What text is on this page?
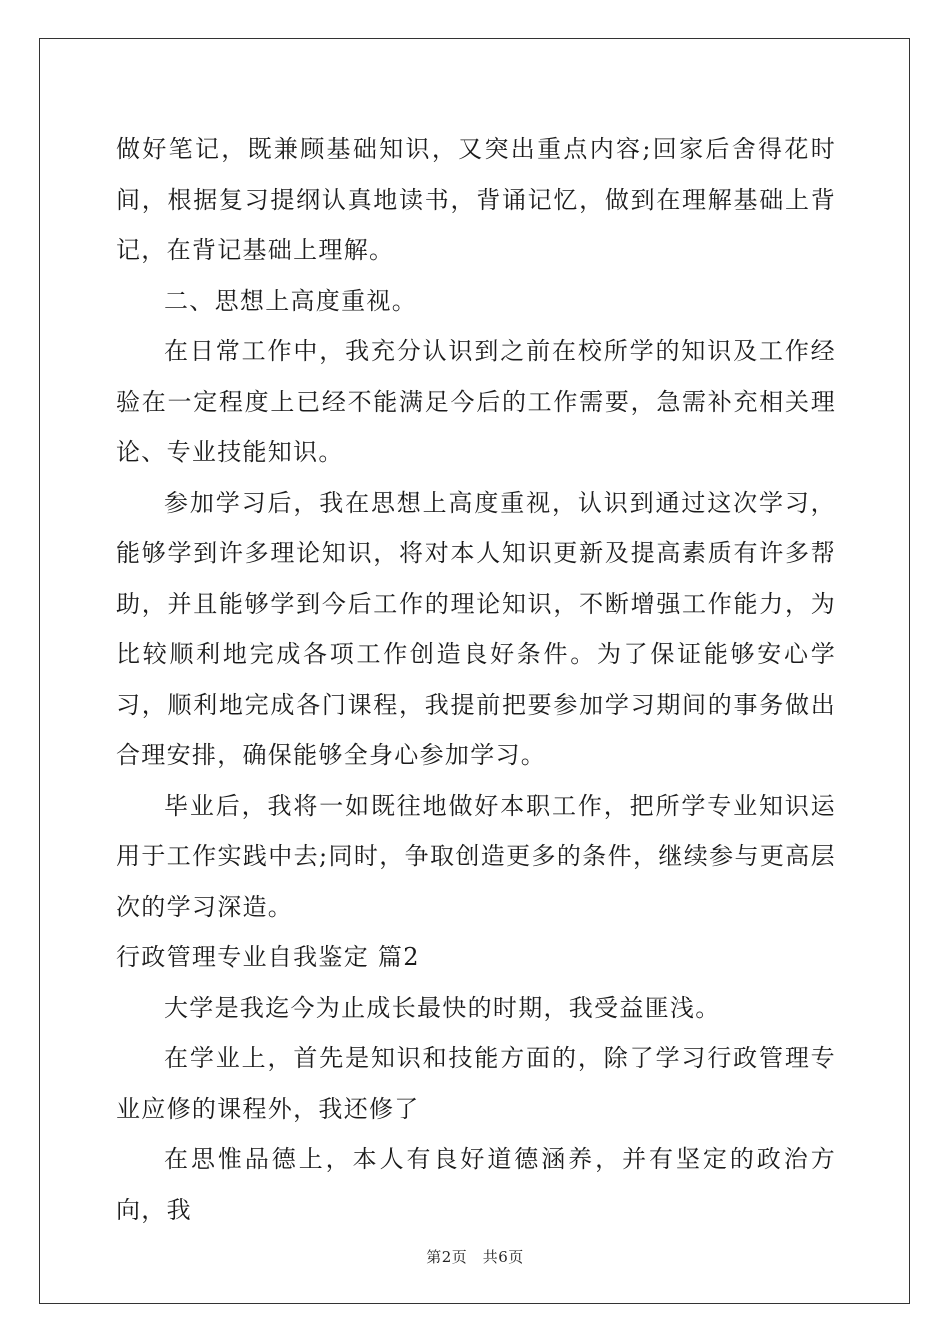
做好笔记，既兼顾基础知识，又突出重点内容;回家后舍得花时间，根据复习提纲认真地读书，背诵记忆，做到在理解基础上背记，在背记基础上理解。

二、思想上高度重视。

在日常工作中，我充分认识到之前在校所学的知识及工作经验在一定程度上已经不能满足今后的工作需要，急需补充相关理论、专业技能知识。

参加学习后，我在思想上高度重视，认识到通过这次学习，能够学到许多理论知识，将对本人知识更新及提高素质有许多帮助，并且能够学到今后工作的理论知识，不断增强工作能力，为比较顺利地完成各项工作创造良好条件。为了保证能够安心学习，顺利地完成各门课程，我提前把要参加学习期间的事务做出合理安排，确保能够全身心参加学习。

毕业后，我将一如既往地做好本职工作，把所学专业知识运用于工作实践中去;同时，争取创造更多的条件，继续参与更高层次的学习深造。

行政管理专业自我鉴定 篇2

大学是我迄今为止成长最快的时期，我受益匪浅。

在学业上，首先是知识和技能方面的，除了学习行政管理专业应修的课程外，我还修了

在思惟品德上，本人有良好道德涵养，并有坚定的政治方向，我

第2页　共6页
